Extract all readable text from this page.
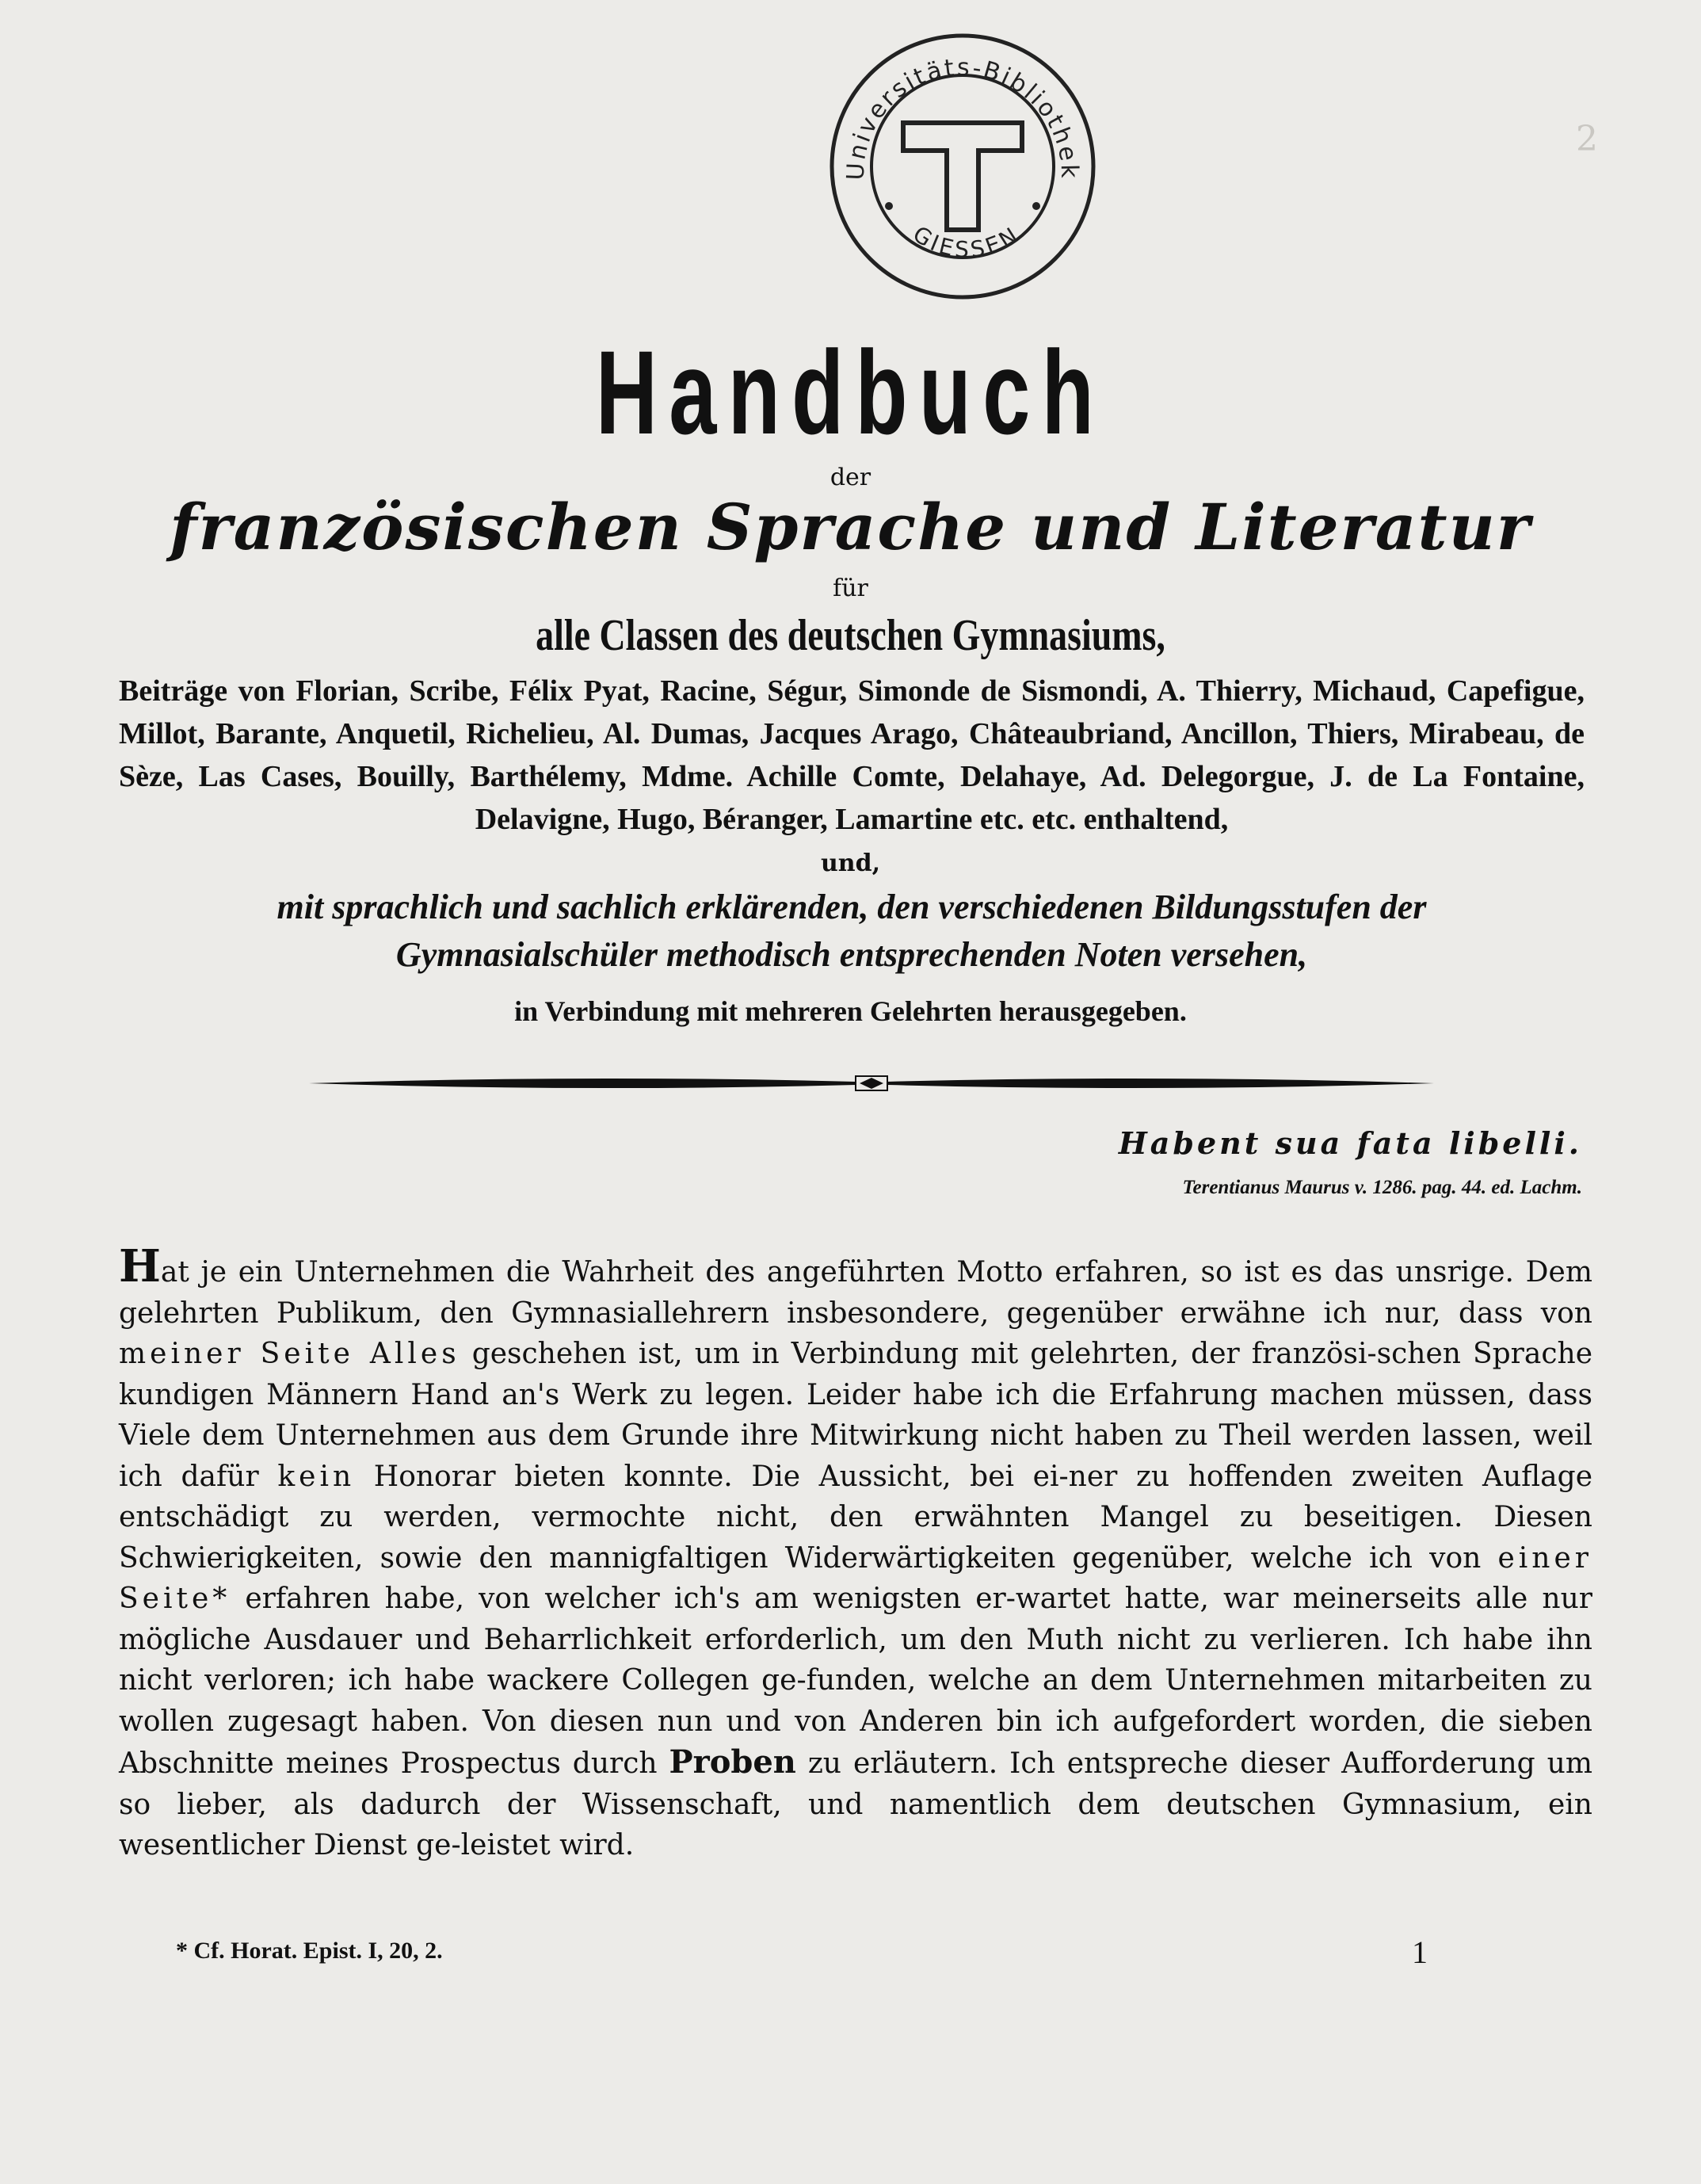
Universitäts-Bibliothek
GIESSEN
2
Handbuch
der
französischen Sprache und Literatur
für
alle Classen des deutschen Gymnasiums,
Beiträge von Florian, Scribe, Félix Pyat, Racine, Ségur, Simonde de Sismondi, A. Thierry, Michaud, Capefigue, Millot, Barante, Anquetil, Richelieu, Al. Dumas, Jacques Arago, Châteaubriand, Ancillon, Thiers, Mirabeau, de Sèze, Las Cases, Bouilly, Barthélemy, Mdme. Achille Comte, Delahaye, Ad. Delegorgue, J. de La Fontaine, Delavigne, Hugo, Béranger, Lamartine etc. etc. enthaltend,
und,
mit sprachlich und sachlich erklärenden, den verschiedenen Bildungsstufen der Gymnasialschüler methodisch entsprechenden Noten versehen,
in Verbindung mit mehreren Gelehrten herausgegeben.
Habent sua fata libelli.
Terentianus Maurus v. 1286. pag. 44. ed. Lachm.
Hat je ein Unternehmen die Wahrheit des angeführten Motto erfahren, so ist es das unsrige. Dem gelehrten Publikum, den Gymnasiallehrern insbesondere, gegenüber erwähne ich nur, dass von meiner Seite Alles geschehen ist, um in Verbindung mit gelehrten, der französi-schen Sprache kundigen Männern Hand an's Werk zu legen. Leider habe ich die Erfahrung machen müssen, dass Viele dem Unternehmen aus dem Grunde ihre Mitwirkung nicht haben zu Theil werden lassen, weil ich dafür kein Honorar bieten konnte. Die Aussicht, bei ei-ner zu hoffenden zweiten Auflage entschädigt zu werden, vermochte nicht, den erwähnten Mangel zu beseitigen. Diesen Schwierigkeiten, sowie den mannigfaltigen Widerwärtigkeiten gegenüber, welche ich von einer Seite* erfahren habe, von welcher ich's am wenigsten er-wartet hatte, war meinerseits alle nur mögliche Ausdauer und Beharrlichkeit erforderlich, um den Muth nicht zu verlieren. Ich habe ihn nicht verloren; ich habe wackere Collegen ge-funden, welche an dem Unternehmen mitarbeiten zu wollen zugesagt haben. Von diesen nun und von Anderen bin ich aufgefordert worden, die sieben Abschnitte meines Prospectus durch Proben zu erläutern. Ich entspreche dieser Aufforderung um so lieber, als dadurch der Wissenschaft, und namentlich dem deutschen Gymnasium, ein wesentlicher Dienst ge-leistet wird.
* Cf. Horat. Epist. I, 20, 2.	1
